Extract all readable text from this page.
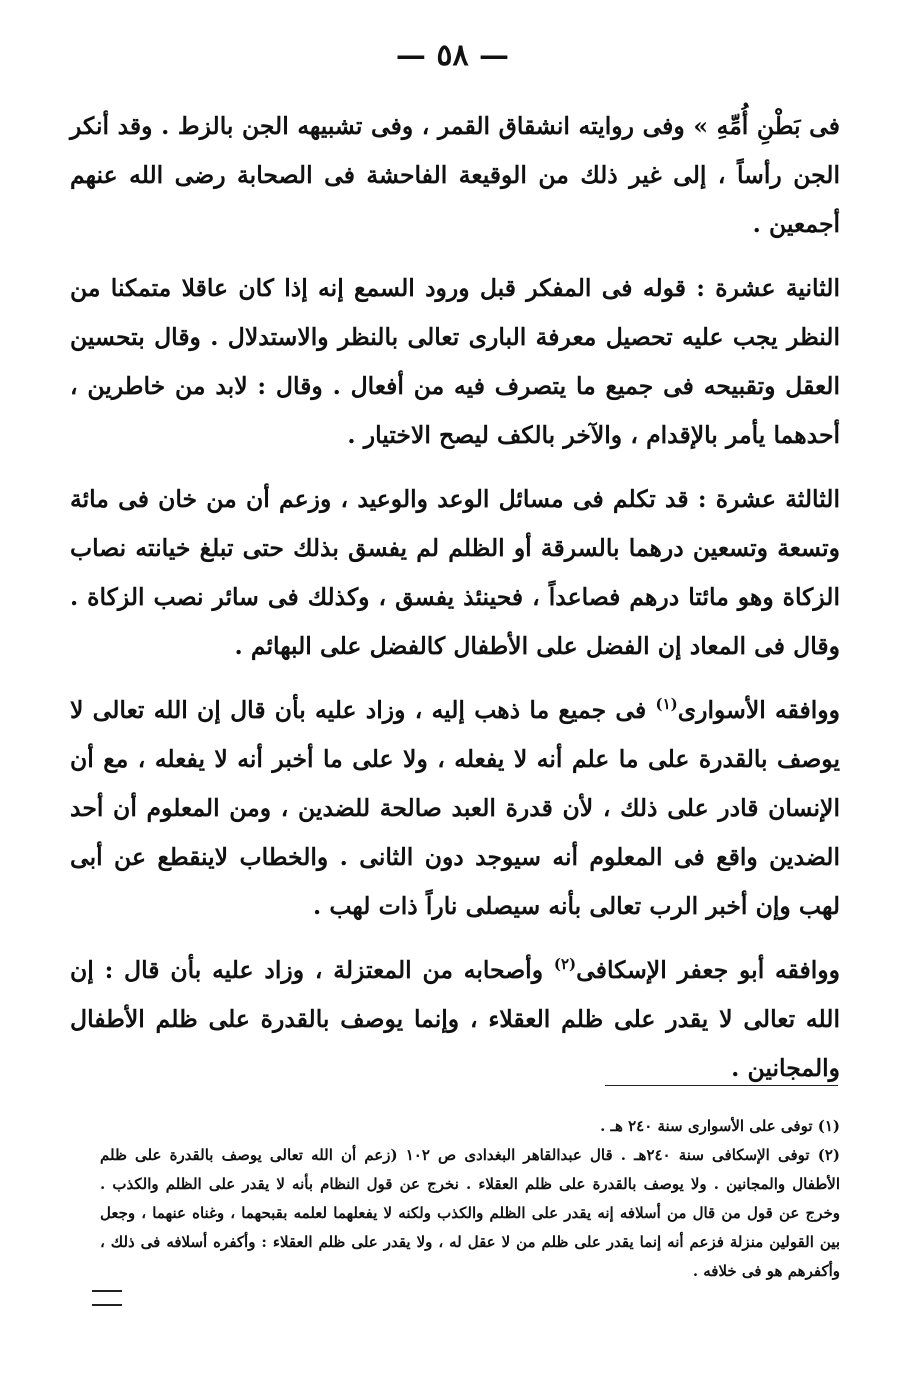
— ٥٨ —

فى بَطْنِ أُمِّهِ » وفى روايته انشقاق القمر ، وفى تشبيهه الجن بالزط . وقد أنكر الجن رأساً ، إلى غير ذلك من الوقيعة الفاحشة فى الصحابة رضى الله عنهم أجمعين .

الثانية عشرة : قوله فى المفكر قبل ورود السمع إنه إذا كان عاقلا متمكنا من النظر يجب عليه تحصيل معرفة البارى تعالى بالنظر والاستدلال . وقال بتحسين العقل وتقبيحه فى جميع ما يتصرف فيه من أفعال . وقال : لابد من خاطرين ، أحدهما يأمر بالإقدام ، والآخر بالكف ليصح الاختيار .

الثالثة عشرة : قد تكلم فى مسائل الوعد والوعيد ، وزعم أن من خان فى مائة وتسعة وتسعين درهما بالسرقة أو الظلم لم يفسق بذلك حتى تبلغ خيانته نصاب الزكاة وهو مائتا درهم فصاعداً ، فحينئذ يفسق ، وكذلك فى سائر نصب الزكاة . وقال فى المعاد إن الفضل على الأطفال كالفضل على البهائم .

ووافقه الأسوارى$^{(١)}$ فى جميع ما ذهب إليه ، وزاد عليه بأن قال إن الله تعالى لا يوصف بالقدرة على ما علم أنه لا يفعله ، ولا على ما أخبر أنه لا يفعله ، مع أن الإنسان قادر على ذلك ، لأن قدرة العبد صالحة للضدين ، ومن المعلوم أن أحد الضدين واقع فى المعلوم أنه سيوجد دون الثانى . والخطاب لاينقطع عن أبى لهب وإن أخبر الرب تعالى بأنه سيصلى ناراً ذات لهب .

ووافقه أبو جعفر الإسكافى$^{(٢)}$ وأصحابه من المعتزلة ، وزاد عليه بأن قال : إن الله تعالى لا يقدر على ظلم العقلاء ، وإنما يوصف بالقدرة على ظلم الأطفال والمجانين .

(١) توفى على الأسوارى سنة ٢٤٠ هـ .

(٢) توفى الإسكافى سنة ٢٤٠هـ . قال عبدالقاهر البغدادى ص ١٠٢ (زعم أن الله تعالى يوصف بالقدرة على ظلم الأطفال والمجانين . ولا يوصف بالقدرة على ظلم العقلاء . نخرج عن قول النظام بأنه لا يقدر على الظلم والكذب . وخرج عن قول من قال من أسلافه إنه يقدر على الظلم والكذب ولكنه لا يفعلهما لعلمه بقبحهما ، وغناه عنهما ، وجعل بين القولين منزلة فزعم أنه إنما يقدر على ظلم من لا عقل له ، ولا يقدر على ظلم العقلاء : وأكفره أسلافه فى ذلك ، وأكفرهم هو فى خلافه .
